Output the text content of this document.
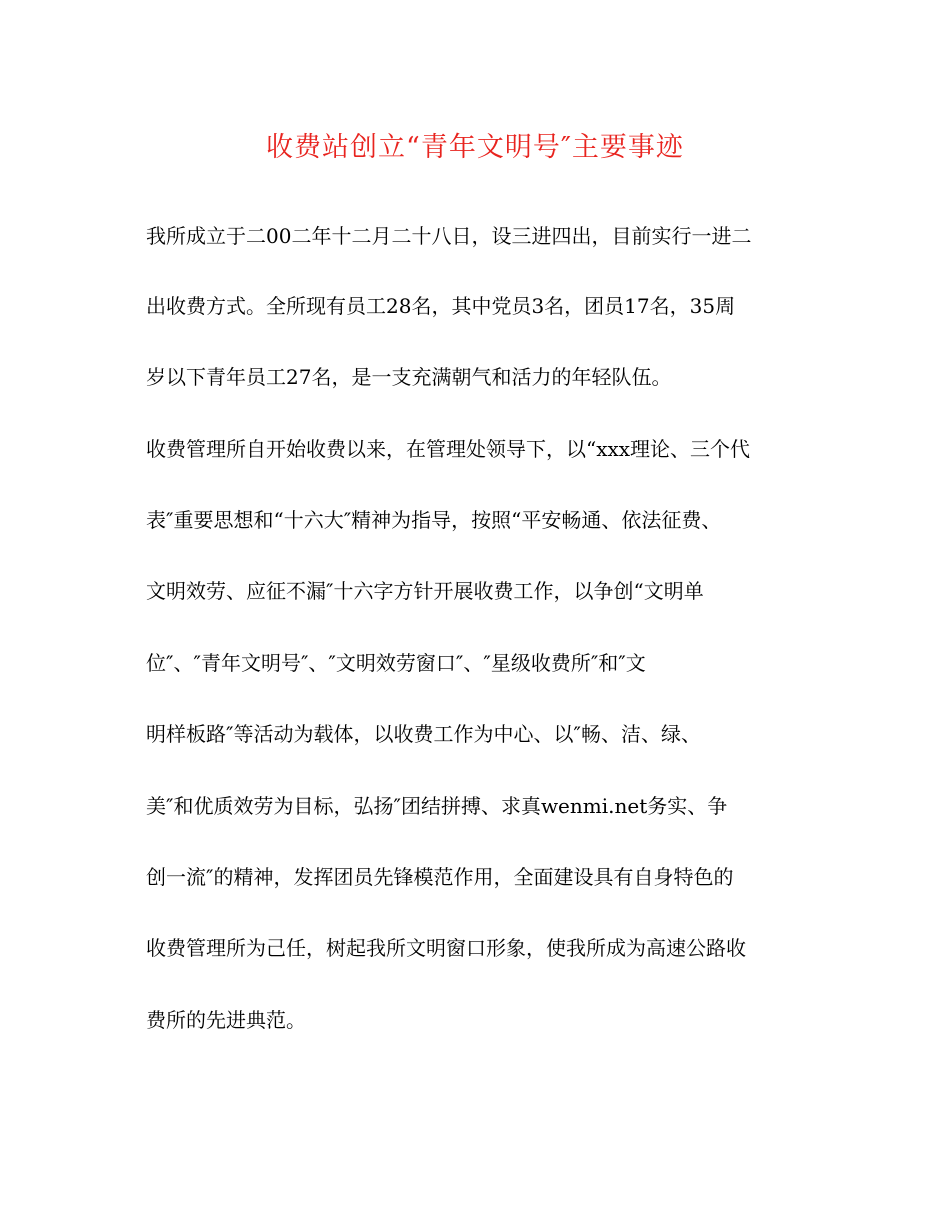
收费站创立“青年文明号″主要事迹
我所成立于二00二年十二月二十八日，设三进四出，目前实行一进二
出收费方式。全所现有员工28名，其中党员3名，团员17名，35周
岁以下青年员工27名，是一支充满朝气和活力的年轻队伍。
收费管理所自开始收费以来，在管理处领导下，以“xxx理论、三个代
表″重要思想和“十六大″精神为指导，按照“平安畅通、依法征费、
文明效劳、应征不漏″十六字方针开展收费工作，以争创“文明单
位″、″青年文明号″、″文明效劳窗口″、″星级收费所″和″文
明样板路″等活动为载体，以收费工作为中心、以″畅、洁、绿、
美″和优质效劳为目标，弘扬″团结拼搏、求真wenmi.net务实、争
创一流″的精神，发挥团员先锋模范作用，全面建设具有自身特色的
收费管理所为己任，树起我所文明窗口形象，使我所成为高速公路收
费所的先进典范。
